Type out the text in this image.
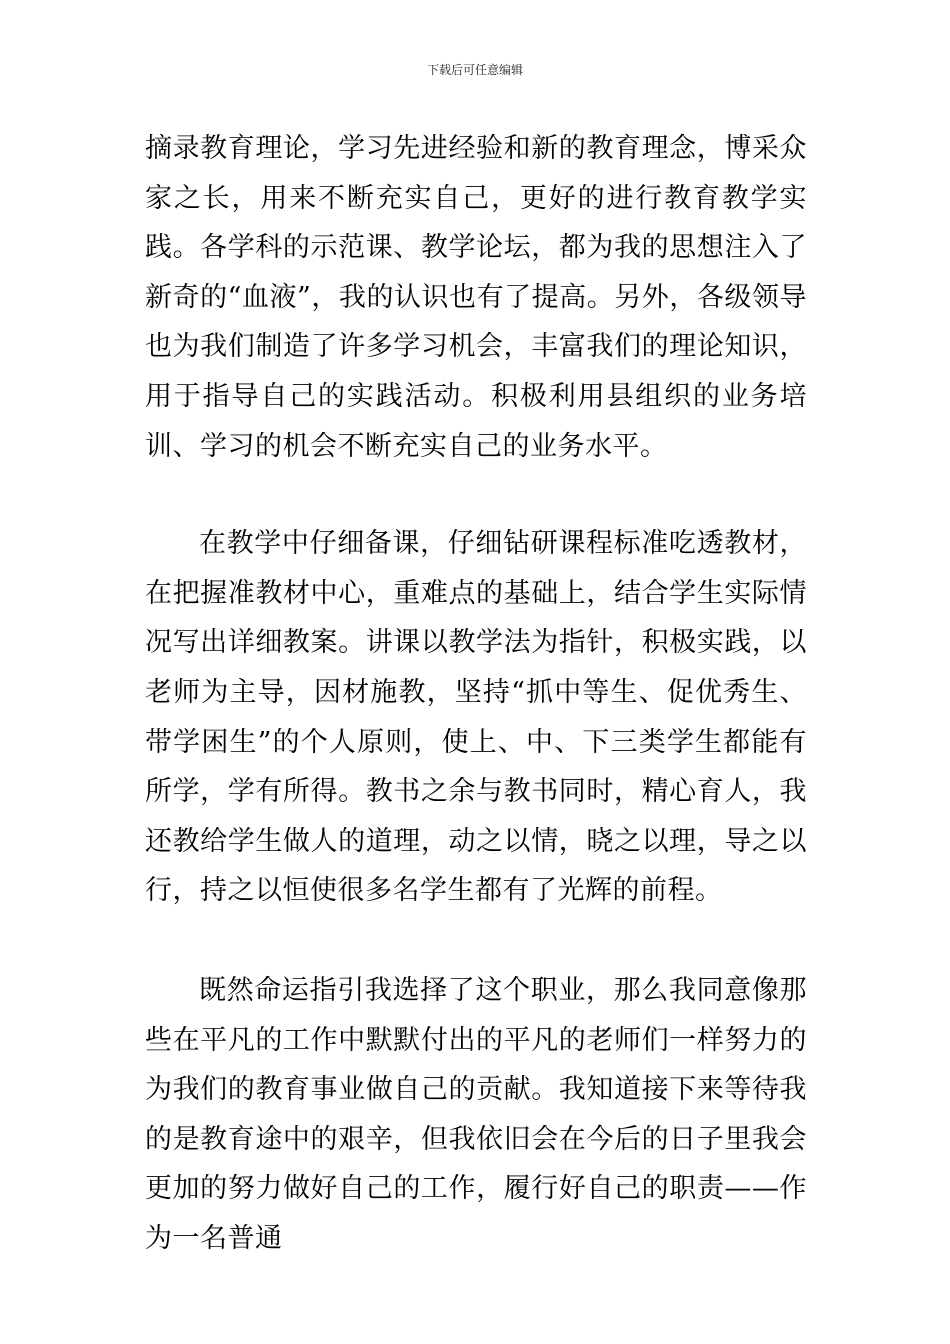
下载后可任意编辑

摘录教育理论，学习先进经验和新的教育理念，博采众家之长，用来不断充实自己，更好的进行教育教学实践。各学科的示范课、教学论坛，都为我的思想注入了新奇的“血液”，我的认识也有了提高。另外，各级领导也为我们制造了许多学习机会，丰富我们的理论知识，用于指导自己的实践活动。积极利用县组织的业务培训、学习的机会不断充实自己的业务水平。

在教学中仔细备课，仔细钻研课程标准吃透教材，在把握准教材中心，重难点的基础上，结合学生实际情况写出详细教案。讲课以教学法为指针，积极实践，以老师为主导，因材施教，坚持“抓中等生、促优秀生、带学困生”的个人原则，使上、中、下三类学生都能有所学，学有所得。教书之余与教书同时，精心育人，我还教给学生做人的道理，动之以情，晓之以理，导之以行，持之以恒使很多名学生都有了光辉的前程。

既然命运指引我选择了这个职业，那么我同意像那些在平凡的工作中默默付出的平凡的老师们一样努力的为我们的教育事业做自己的贡献。我知道接下来等待我的是教育途中的艰辛，但我依旧会在今后的日子里我会更加的努力做好自己的工作，履行好自己的职责——作为一名普通
